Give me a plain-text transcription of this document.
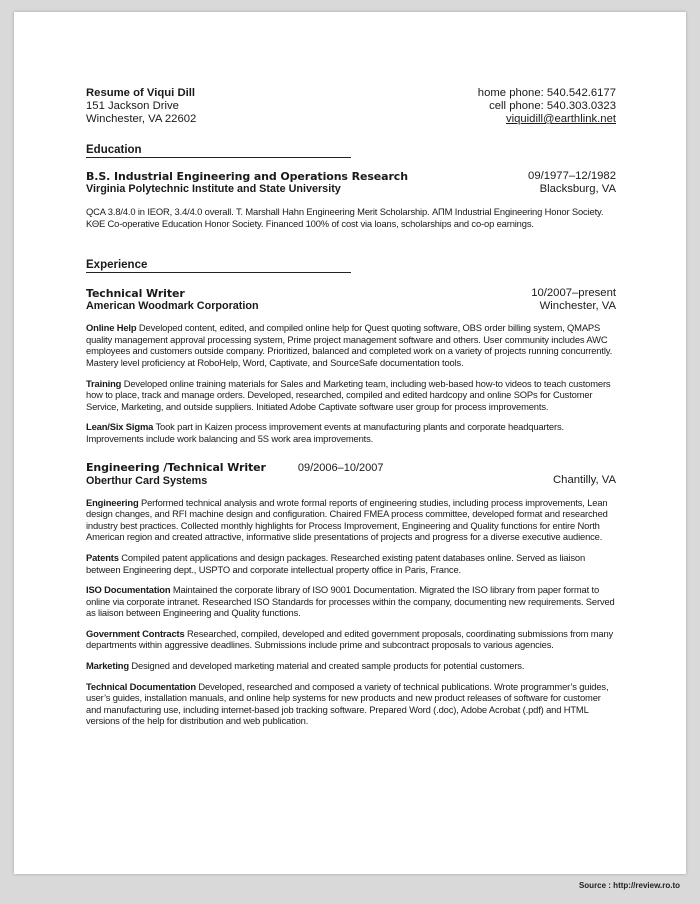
Resume of Viqui Dill
151 Jackson Drive
Winchester, VA 22602
home phone: 540.542.6177
cell phone: 540.303.0323
viquidill@earthlink.net
Education
B.S. Industrial Engineering and Operations Research
Virginia Polytechnic Institute and State University
09/1977–12/1982
Blacksburg, VA
QCA 3.8/4.0 in IEOR, 3.4/4.0 overall. T. Marshall Hahn Engineering Merit Scholarship. ΑΠΜ Industrial Engineering Honor Society. ΚΘΕ Co-operative Education Honor Society. Financed 100% of cost via loans, scholarships and co-op earnings.
Experience
Technical Writer
American Woodmark Corporation
10/2007–present
Winchester, VA
Online Help Developed content, edited, and compiled online help for Quest quoting software, OBS order billing system, QMAPS quality management approval processing system, Prime project management software and others. User community includes AWC employees and customers outside company. Prioritized, balanced and completed work on a variety of projects running concurrently. Mastery level proficiency at RoboHelp, Word, Captivate, and SourceSafe documentation tools.
Training Developed online training materials for Sales and Marketing team, including web-based how-to videos to teach customers how to place, track and manage orders. Developed, researched, compiled and edited hardcopy and online SOPs for Customer Service, Marketing, and outside suppliers. Initiated Adobe Captivate software user group for process improvements.
Lean/Six Sigma Took part in Kaizen process improvement events at manufacturing plants and corporate headquarters. Improvements include work balancing and 5S work area improvements.
Engineering /Technical Writer	09/2006–10/2007
Oberthur Card Systems
	Chantilly, VA
Engineering Performed technical analysis and wrote formal reports of engineering studies, including process improvements, Lean design changes, and RFI machine design and configuration. Chaired FMEA process committee, developed format and researched industry best practices. Collected monthly highlights for Process Improvement, Engineering and Quality functions for entire North American region and created attractive, informative slide presentations of projects and progress for a diverse executive audience.
Patents Compiled patent applications and design packages. Researched existing patent databases online. Served as liaison between Engineering dept., USPTO and corporate intellectual property office in Paris, France.
ISO Documentation Maintained the corporate library of ISO 9001 Documentation. Migrated the ISO library from paper format to online via corporate intranet. Researched ISO Standards for processes within the company, documenting new requirements. Served as liaison between Engineering and Quality functions.
Government Contracts Researched, compiled, developed and edited government proposals, coordinating submissions from many departments within aggressive deadlines. Submissions include prime and subcontract proposals to various agencies.
Marketing Designed and developed marketing material and created sample products for potential customers.
Technical Documentation Developed, researched and composed a variety of technical publications. Wrote programmer’s guides, user’s guides, installation manuals, and online help systems for new products and new product releases of software for customer and manufacturing use, including internet-based job tracking software. Prepared Word (.doc), Adobe Acrobat (.pdf) and HTML versions of the help for distribution and web publication.
Source : http://review.ro.to
